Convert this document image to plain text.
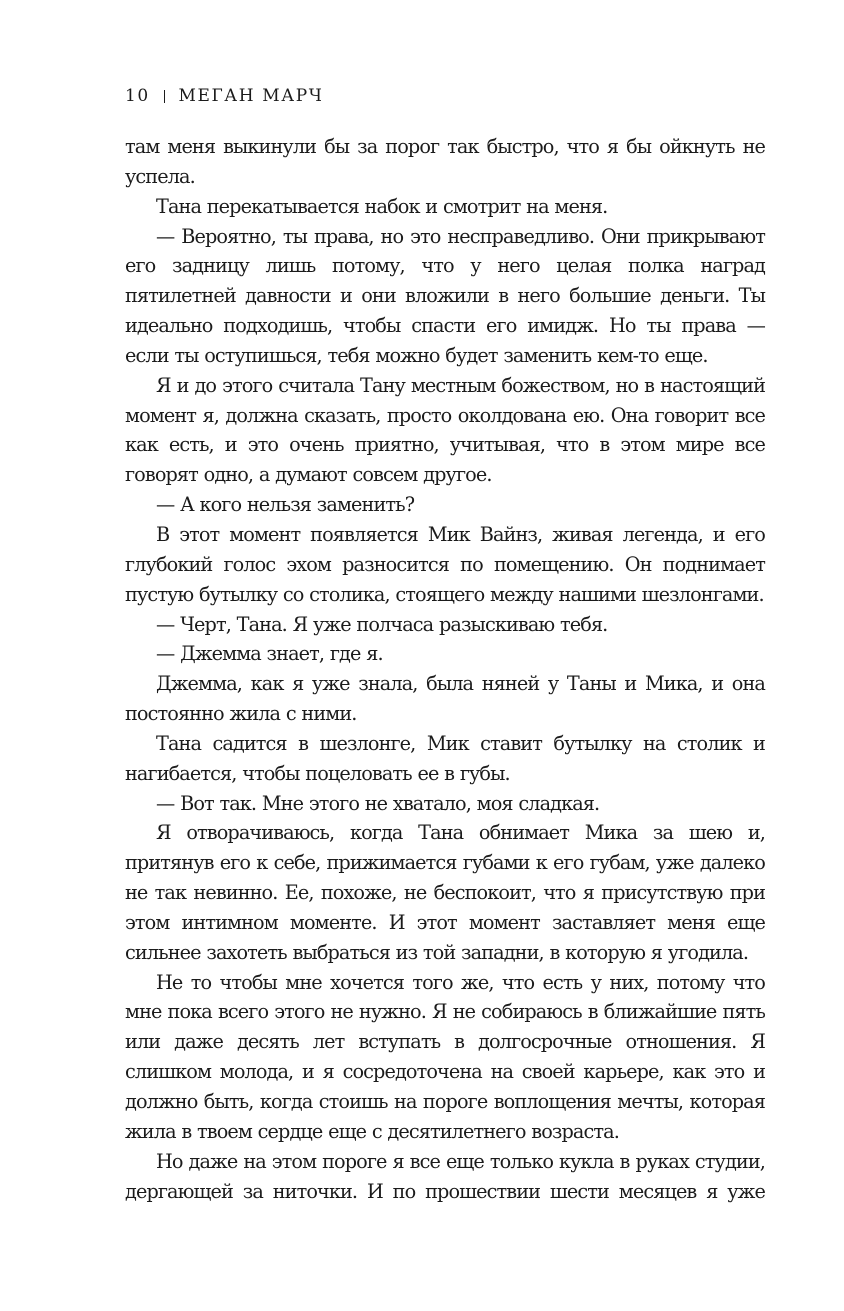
10 МЕГАН МАРЧ

там меня выкинули бы за порог так быстро, что я бы ойкнуть не успела.

Тана перекатывается набок и смотрит на меня.

— Вероятно, ты права, но это несправедливо. Они прикрывают его задницу лишь потому, что у него целая полка наград пятилетней давности и они вложили в него большие деньги. Ты идеально подходишь, чтобы спасти его имидж. Но ты права — если ты оступишься, тебя можно будет заменить кем-то еще.

Я и до этого считала Тану местным божеством, но в настоящий момент я, должна сказать, просто околдована ею. Она говорит все как есть, и это очень приятно, учитывая, что в этом мире все говорят одно, а думают совсем другое.

— А кого нельзя заменить?

В этот момент появляется Мик Вайнз, живая легенда, и его глубокий голос эхом разносится по помещению. Он поднимает пустую бутылку со столика, стоящего между нашими шезлонгами.

— Черт, Тана. Я уже полчаса разыскиваю тебя.

— Джемма знает, где я.

Джемма, как я уже знала, была няней у Таны и Мика, и она постоянно жила с ними.

Тана садится в шезлонге, Мик ставит бутылку на столик и нагибается, чтобы поцеловать ее в губы.

— Вот так. Мне этого не хватало, моя сладкая.

Я отворачиваюсь, когда Тана обнимает Мика за шею и, притянув его к себе, прижимается губами к его губам, уже далеко не так невинно. Ее, похоже, не беспокоит, что я присутствую при этом интимном моменте. И этот момент заставляет меня еще сильнее захотеть выбраться из той западни, в которую я угодила.

Не то чтобы мне хочется того же, что есть у них, потому что мне пока всего этого не нужно. Я не собираюсь в ближайшие пять или даже десять лет вступать в долгосрочные отношения. Я слишком молода, и я сосредоточена на своей карьере, как это и должно быть, когда стоишь на пороге воплощения мечты, которая жила в твоем сердце еще с десятилетнего возраста.

Но даже на этом пороге я все еще только кукла в руках студии, дергающей за ниточки. И по прошествии шести месяцев я уже
